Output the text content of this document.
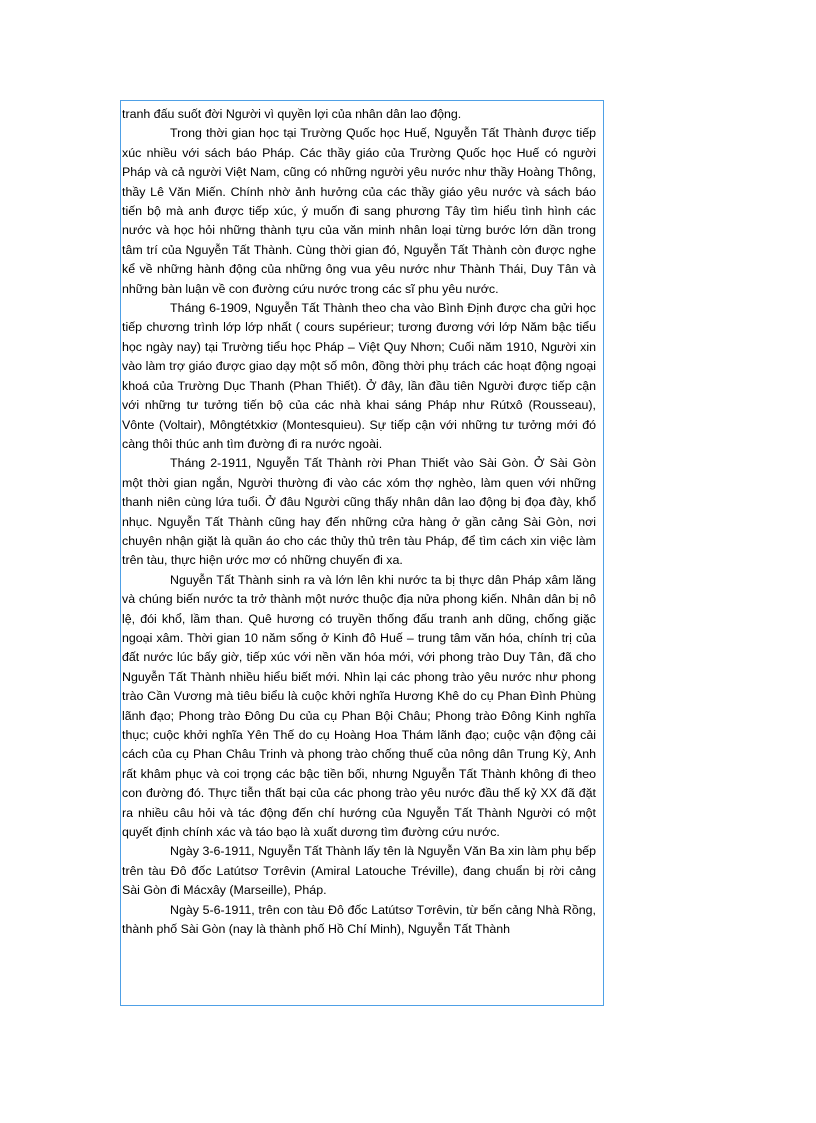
tranh đấu suốt đời Người vì quyền lợi của nhân dân lao động.

Trong thời gian học tại Trường Quốc học Huế, Nguyễn Tất Thành được tiếp xúc nhiều với sách báo Pháp. Các thầy giáo của Trường Quốc học Huế có người Pháp và cả người Việt Nam, cũng có những người yêu nước như thầy Hoàng Thông, thầy Lê Văn Miến. Chính nhờ ảnh hưởng của các thầy giáo yêu nước và sách báo tiến bộ mà anh được tiếp xúc, ý muốn đi sang phương Tây tìm hiểu tình hình các nước và học hỏi những thành tựu của văn minh nhân loại từng bước lớn dần trong tâm trí của Nguyễn Tất Thành. Cùng thời gian đó, Nguyễn Tất Thành còn được nghe kể về những hành động của những ông vua yêu nước như Thành Thái, Duy Tân và những bàn luận về con đường cứu nước trong các sĩ phu yêu nước.

Tháng 6-1909, Nguyễn Tất Thành theo cha vào Bình Định được cha gửi học tiếp chương trình lớp lớp nhất ( cours supérieur; tương đương với lớp Năm bậc tiểu học ngày nay) tại Trường tiểu học Pháp – Việt Quy Nhơn; Cuối năm 1910, Người xin vào làm trợ giáo được giao dạy một số môn, đồng thời phụ trách các hoạt động ngoại khoá của Trường Dục Thanh (Phan Thiết). Ở đây, lần đầu tiên Người được tiếp cận với những tư tưởng tiến bộ của các nhà khai sáng Pháp như Rútxô (Rousseau), Vônte (Voltair), Môngtétxkiơ (Montesquieu). Sự tiếp cận với những tư tưởng mới đó càng thôi thúc anh tìm đường đi ra nước ngoài.

Tháng 2-1911, Nguyễn Tất Thành rời Phan Thiết vào Sài Gòn. Ở Sài Gòn một thời gian ngắn, Người thường đi vào các xóm thợ nghèo, làm quen với những thanh niên cùng lứa tuổi. Ở đâu Người cũng thấy nhân dân lao động bị đọa đày, khổ nhục. Nguyễn Tất Thành cũng hay đến những cửa hàng ở gần cảng Sài Gòn, nơi chuyên nhận giặt là quần áo cho các thủy thủ trên tàu Pháp, để tìm cách xin việc làm trên tàu, thực hiện ước mơ có những chuyến đi xa.

Nguyễn Tất Thành sinh ra và lớn lên khi nước ta bị thực dân Pháp xâm lăng và chúng biến nước ta trở thành một nước thuộc địa nửa phong kiến. Nhân dân bị nô lệ, đói khổ, lầm than. Quê hương có truyền thống đấu tranh anh dũng, chống giặc ngoại xâm. Thời gian 10 năm sống ở Kinh đô Huế – trung tâm văn hóa, chính trị của đất nước lúc bấy giờ, tiếp xúc với nền văn hóa mới, với phong trào Duy Tân, đã cho Nguyễn Tất Thành nhiều hiểu biết mới. Nhìn lại các phong trào yêu nước như phong trào Cần Vương mà tiêu biểu là cuộc khởi nghĩa Hương Khê do cụ Phan Đình Phùng lãnh đạo; Phong trào Đông Du của cụ Phan Bội Châu; Phong trào Đông Kinh nghĩa thục; cuộc khởi nghĩa Yên Thế do cụ Hoàng Hoa Thám lãnh đạo; cuộc vận động cải cách của cụ Phan Châu Trinh và phong trào chống thuế của nông dân Trung Kỳ, Anh rất khâm phục và coi trọng các bậc tiền bối, nhưng Nguyễn Tất Thành không đi theo con đường đó. Thực tiễn thất bại của các phong trào yêu nước đầu thế kỷ XX đã đặt ra nhiều câu hỏi và tác động đến chí hướng của Nguyễn Tất Thành Người có một quyết định chính xác và táo bạo là xuất dương tìm đường cứu nước.

Ngày 3-6-1911, Nguyễn Tất Thành lấy tên là Nguyễn Văn Ba xin làm phụ bếp trên tàu Đô đốc Latútsơ Tơrêvin (Amiral Latouche Tréville), đang chuẩn bị rời cảng Sài Gòn đi Mácxây (Marseille), Pháp.

Ngày 5-6-1911, trên con tàu Đô đốc Latútsơ Tơrêvin, từ bến cảng Nhà Rồng, thành phố Sài Gòn (nay là thành phố Hồ Chí Minh), Nguyễn Tất Thành
